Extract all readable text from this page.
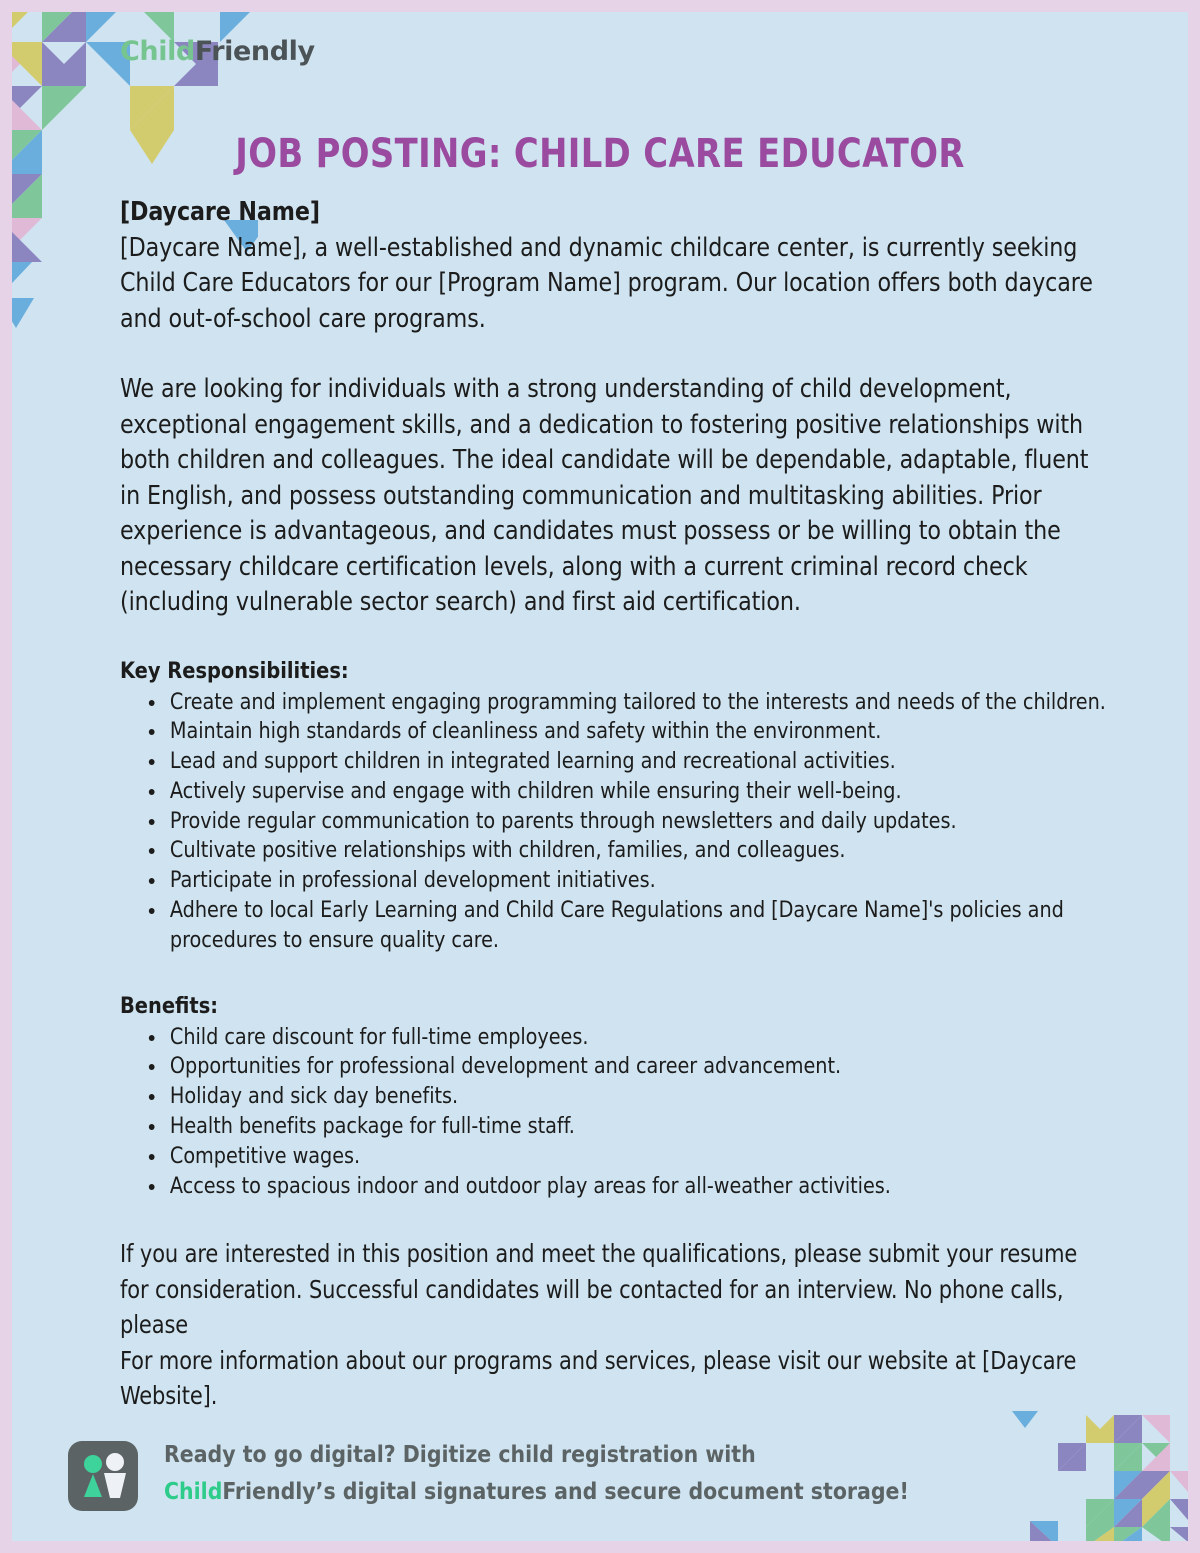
ChildFriendly
JOB POSTING: CHILD CARE EDUCATOR
[Daycare Name]
[Daycare Name], a well-established and dynamic childcare center, is currently seeking Child Care Educators for our [Program Name] program. Our location offers both daycare and out-of-school care programs.
We are looking for individuals with a strong understanding of child development, exceptional engagement skills, and a dedication to fostering positive relationships with both children and colleagues. The ideal candidate will be dependable, adaptable, fluent in English, and possess outstanding communication and multitasking abilities. Prior experience is advantageous, and candidates must possess or be willing to obtain the necessary childcare certification levels, along with a current criminal record check (including vulnerable sector search) and first aid certification.
Key Responsibilities:
Create and implement engaging programming tailored to the interests and needs of the children.
Maintain high standards of cleanliness and safety within the environment.
Lead and support children in integrated learning and recreational activities.
Actively supervise and engage with children while ensuring their well-being.
Provide regular communication to parents through newsletters and daily updates.
Cultivate positive relationships with children, families, and colleagues.
Participate in professional development initiatives.
Adhere to local Early Learning and Child Care Regulations and [Daycare Name]'s policies and procedures to ensure quality care.
Benefits:
Child care discount for full-time employees.
Opportunities for professional development and career advancement.
Holiday and sick day benefits.
Health benefits package for full-time staff.
Competitive wages.
Access to spacious indoor and outdoor play areas for all-weather activities.
If you are interested in this position and meet the qualifications, please submit your resume for consideration. Successful candidates will be contacted for an interview. No phone calls, please
For more information about our programs and services, please visit our website at [Daycare Website].
Ready to go digital? Digitize child registration with
ChildFriendly’s digital signatures and secure document storage!
